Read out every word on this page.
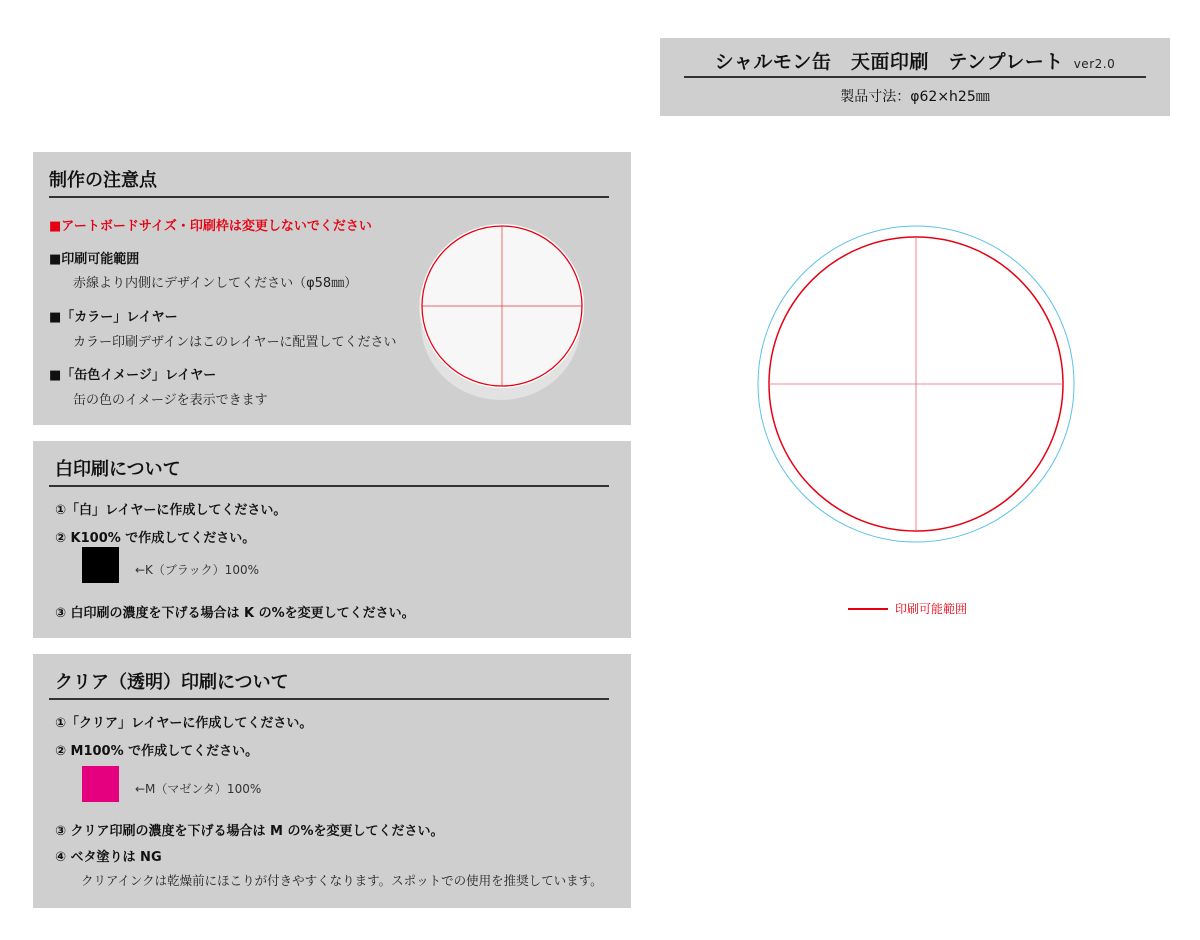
シャルモン缶　天面印刷　テンプレート ver2.0
製品寸法：φ62×h25㎜
制作の注意点
■アートボードサイズ・印刷枠は変更しないでください
■印刷可能範囲
赤線より内側にデザインしてください（φ58㎜）
■「カラー」レイヤー
カラー印刷デザインはこのレイヤーに配置してください
■「缶色イメージ」レイヤー
缶の色のイメージを表示できます
白印刷について
①「白」レイヤーに作成してください。
② K100% で作成してください。
←K（ブラック）100%
③ 白印刷の濃度を下げる場合は K の%を変更してください。
クリア（透明）印刷について
①「クリア」レイヤーに作成してください。
② M100% で作成してください。
←M（マゼンタ）100%
③ クリア印刷の濃度を下げる場合は M の%を変更してください。
④ ベタ塗りは NG
クリアインクは乾燥前にほこりが付きやすくなります。スポットでの使用を推奨しています。
印刷可能範囲
